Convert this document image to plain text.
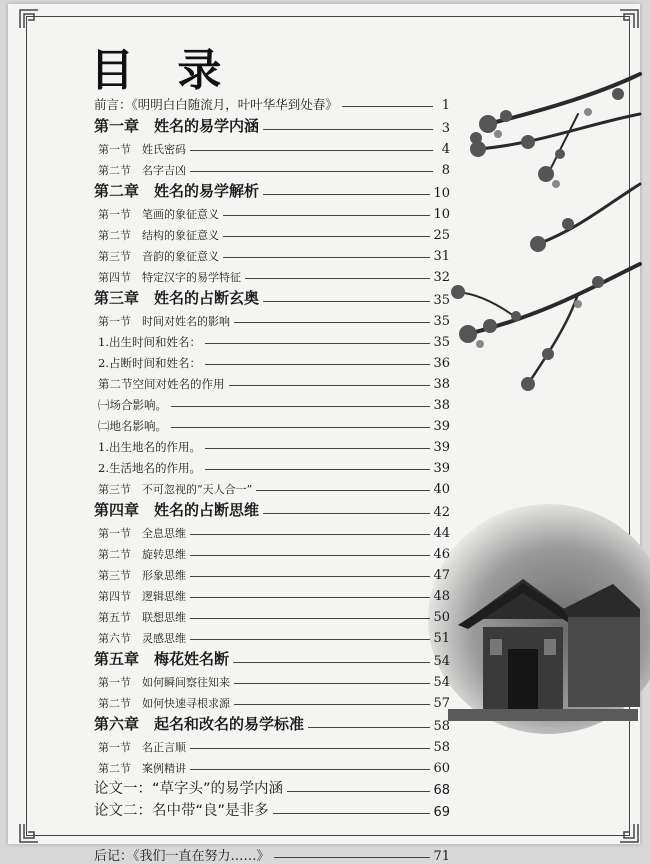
目 录
前言：《明明白白随流月，叶叶华华到处春》	1
第一章　姓名的易学内涵	3
第一节　姓氏密码	4
第二节　名字吉凶	8
第二章　姓名的易学解析	10
第一节　笔画的象征意义	10
第二节　结构的象征意义	25
第三节　音韵的象征意义	31
第四节　特定汉字的易学特征	32
第三章　姓名的占断玄奥	35
第一节　时间对姓名的影响	35
1.出生时间和姓名：	35
2.占断时间和姓名：	36
第二节空间对姓名的作用	38
㈠场合影响。	38
㈡地名影响。	39
1.出生地名的作用。	39
2.生活地名的作用。	39
第三节　不可忽视的“天人合一”	40
第四章　姓名的占断思维	42
第一节　全息思维	44
第二节　旋转思维	46
第三节　形象思维	47
第四节　逻辑思维	48
第五节　联想思维	50
第六节　灵感思维	51
第五章　梅花姓名断	54
第一节　如何瞬间察往知来	54
第二节　如何快速寻根求源	57
第六章　起名和改名的易学标准	58
第一节　名正言顺	58
第二节　案例精讲	60
论文一：“草字头”的易学内涵	68
论文二：名中带“良”是非多	69
后记：《我们一直在努力……》	71
